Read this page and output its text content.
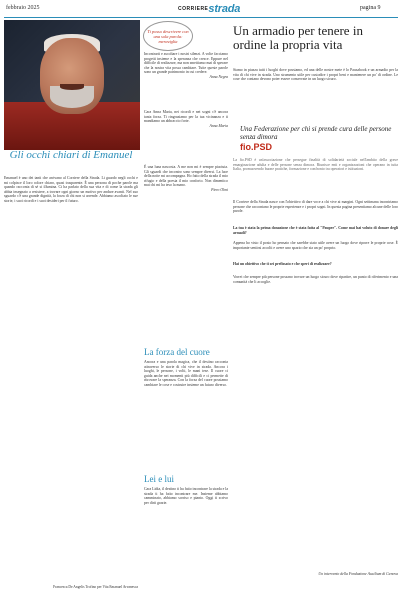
febbraio 2025	CORRIEREstrada	pagina 9
Ti posso descrivere con una sola parola: meraviglia
Gli occhi chiari di Emanuel
Emanuel è uno dei tanti che arrivano al Corriere della Strada. Li guardo negli occhi e mi colpisce il loro colore chiaro, quasi trasparente. È una persona di poche parole ma quando racconta di sé si illumina. Ci ha parlato della sua vita e di come la strada gli abbia insegnato a resistere, a trovare ogni giorno un motivo per andare avanti. Nel suo sguardo c'è una grande dignità, la forza di chi non si arrende. Abbiamo ascoltato le sue storie, i suoi ricordi e i suoi desideri per il futuro.
Francesca De Angelis Trofino per Vita Emanuel Arvanesca
Incontrarti e ascoltare i nostri silenzi. A volte facciamo progetti insieme e la speranza che cresce. Eppure nel difficile di realizzare, ma non smettiamo mai di sperare che la nostra vita possa cambiare. Tutte queste parole sono un grande patrimonio in cui credere.
Anna Negra
Cara Anna Maria, nei ricordi e nei sogni c'è ancora tanta forza. Ti ringraziamo per la tua vicinanza e ti mandiamo un abbraccio forte.
Anna Maria
È una luna nascosta. A me non mi è sempre piaciuta. Gli sguardi che incontro sono sempre diversi. La luce della notte mi accompagna. Ho fatto della strada il mio rifugio e della poesia il mio conforto. Non dimentico mai chi mi ha teso la mano.
Piero Olmi
La forza del cuore
Ancora e una parola magica, che il destino racconta attraverso le storie di chi vive in strada. Ancora i luoghi, le persone, i volti, le mani tese. Il cuore ci guida anche nei momenti più difficili e ci permette di ritrovare la speranza. Con la forza del cuore possiamo cambiare le cose e costruire insieme un futuro diverso.
Lei e lui
Cara Lidia, il destino ti ha fatto incontrare la strada e la strada ti ha fatto incontrare me. Insieme abbiamo camminato, abbiamo sorriso e pianto. Oggi ti scrivo per dirti grazie.
Un armadio per tenere in ordine la propria vita
Siamo in piazza tutti i luoghi dove possiamo, ed una delle nostre mete è lo Pausabook e un armadio per la vita di chi vive in strada. Uno strumento utile per custodire i propri beni e mantenere un po' di ordine. Le cose che contano devono poter essere conservate in un luogo sicuro.
Una Federazione per chi si prende cura delle persone senza dimora
fio.PSD
La fio.PSD è un'associazione che persegue finalità di solidarietà sociale nell'ambito della grave emarginazione adulta e delle persone senza dimora. Riunisce enti e organizzazioni che operano in tutta Italia, promuovendo buone pratiche, formazione e confronto tra operatori e istituzioni.
Il Corriere della Strada nasce con l'obiettivo di dare voce a chi vive ai margini. Ogni settimana incontriamo persone che raccontano le proprie esperienze e i propri sogni. In questa pagina presentiamo alcune delle loro parole.
La tua è stata la prima donazione che è stata fatta al "Pauper". Come mai hai voluto di donare degli armadi?
Appena ho visto il posto ho pensato che sarebbe stato utile avere un luogo dove riporre le proprie cose. È importante sentirsi accolti e avere uno spazio che sia un po' proprio.
Hai un obiettivo che ti sei prefissato e che speri di realizzare?
Vorrei che sempre più persone possano trovare un luogo sicuro dove ripartire, un punto di riferimento e una comunità che li accoglie.
Un intervento della Fondazione Auxilium di Genova
